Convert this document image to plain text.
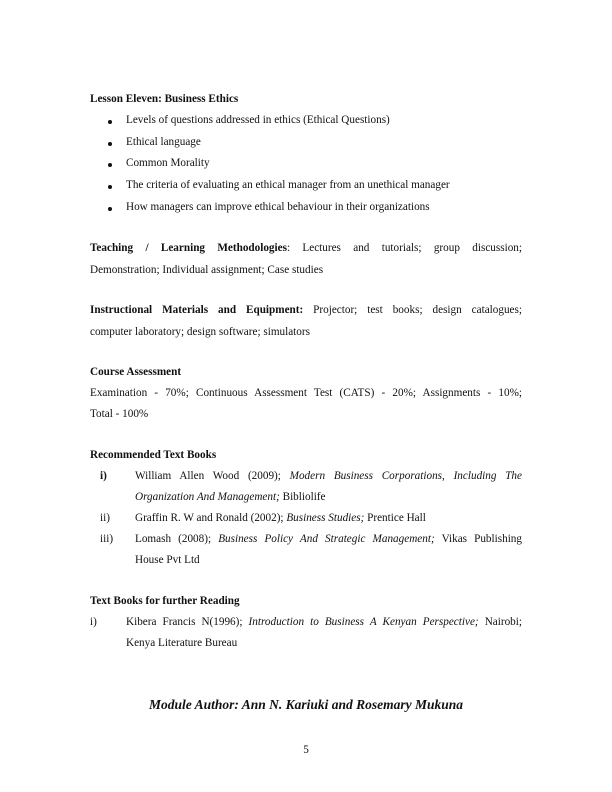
Lesson Eleven: Business Ethics
Levels of questions addressed in ethics (Ethical Questions)
Ethical language
Common Morality
The criteria of evaluating an ethical manager from an unethical manager
How managers can improve ethical behaviour in their organizations
Teaching / Learning Methodologies: Lectures and tutorials; group discussion;
Demonstration; Individual assignment; Case studies
Instructional Materials and Equipment: Projector; test books; design catalogues;
computer laboratory; design software; simulators
Course Assessment
Examination - 70%; Continuous Assessment Test (CATS) - 20%; Assignments - 10%;
Total - 100%
Recommended Text Books
i)	William Allen Wood (2009); Modern Business Corporations, Including The
Organization And Management; Bibliolife
ii) Graffin R. W and Ronald (2002); Business Studies; Prentice Hall
iii) Lomash (2008); Business Policy And Strategic Management; Vikas Publishing
House Pvt Ltd
Text Books for further Reading
i)	Kibera Francis N(1996); Introduction to Business A Kenyan Perspective; Nairobi;
Kenya Literature Bureau
Module Author: Ann N. Kariuki and Rosemary Mukuna
5
